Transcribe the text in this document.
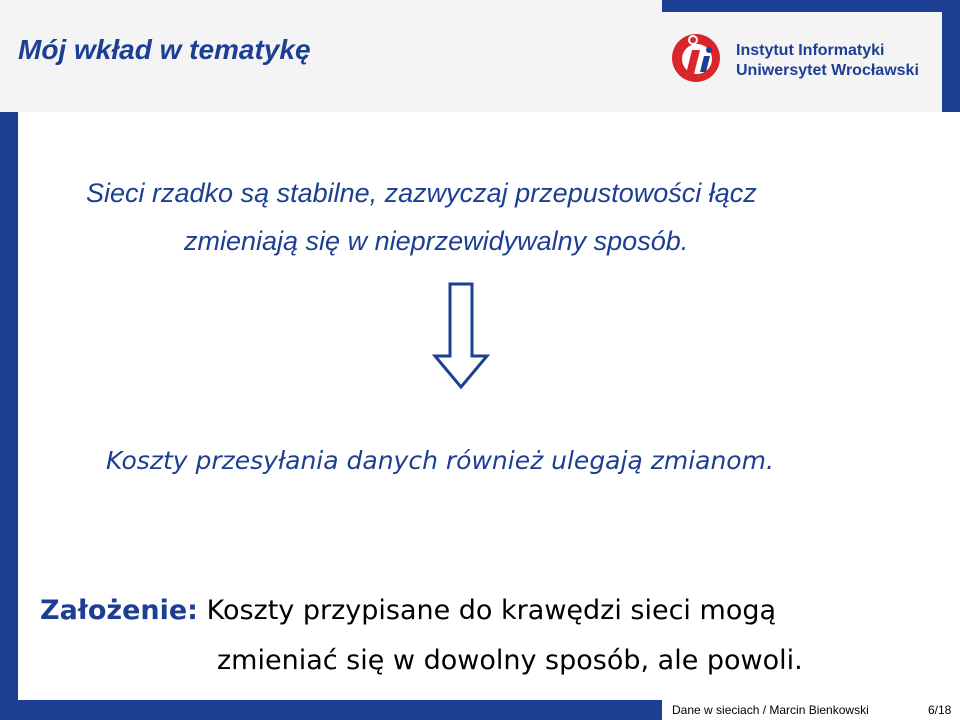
Mój wkład w tematykę	Instytut Informatyki
Uniwersytet Wrocławski

Sieci rzadko są stabilne, zazwyczaj przepustowości łącz

zmieniają się w nieprzewidywalny sposób.

Koszty przesyłania danych również ulegają zmianom.

Założenie: Koszty przypisane do krawędzi sieci mogą
zmieniać się w dowolny sposób, ale powoli.
Dane w sieciach / Marcin Bienkowski	6/18
